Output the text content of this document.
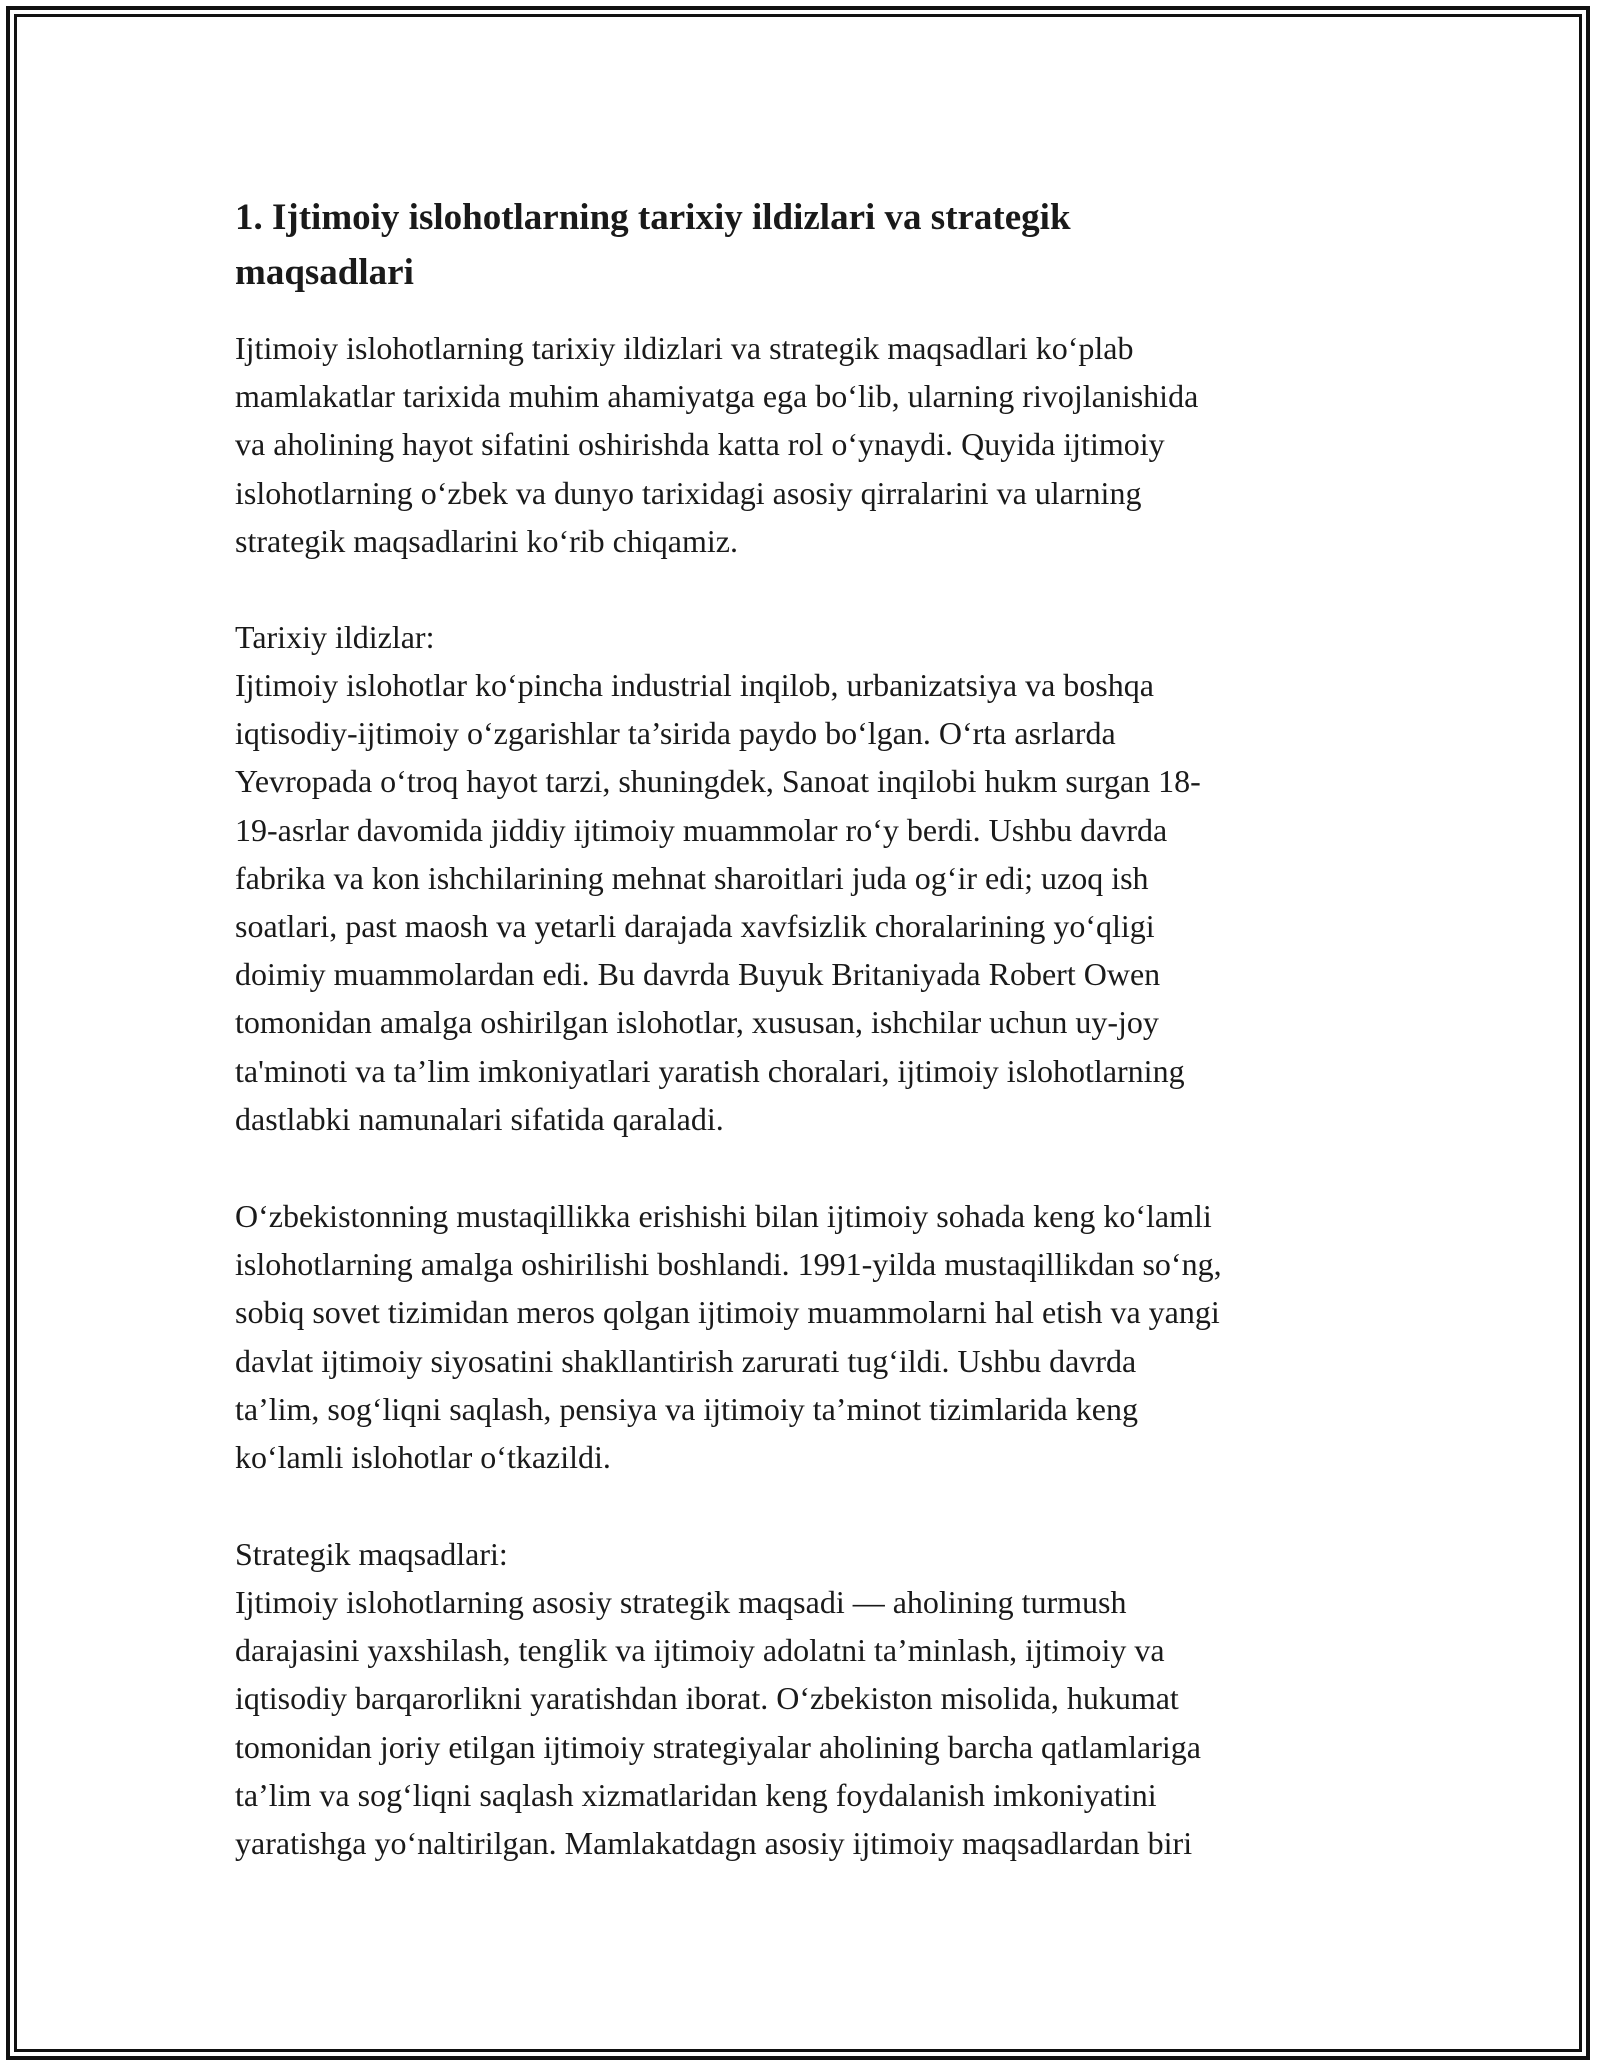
1. Ijtimoiy islohotlarning tarixiy ildizlari va strategik
maqsadlari

Ijtimoiy islohotlarning tarixiy ildizlari va strategik maqsadlari ko‘plab
mamlakatlar tarixida muhim ahamiyatga ega bo‘lib, ularning rivojlanishida
va aholining hayot sifatini oshirishda katta rol o‘ynaydi. Quyida ijtimoiy
islohotlarning o‘zbek va dunyo tarixidagi asosiy qirralarini va ularning
strategik maqsadlarini ko‘rib chiqamiz.

Tarixiy ildizlar:

Ijtimoiy islohotlar ko‘pincha industrial inqilob, urbanizatsiya va boshqa
iqtisodiy-ijtimoiy o‘zgarishlar ta’sirida paydo bo‘lgan. O‘rta asrlarda
Yevropada o‘troq hayot tarzi, shuningdek, Sanoat inqilobi hukm surgan 18-
19-asrlar davomida jiddiy ijtimoiy muammolar ro‘y berdi. Ushbu davrda
fabrika va kon ishchilarining mehnat sharoitlari juda og‘ir edi; uzoq ish
soatlari, past maosh va yetarli darajada xavfsizlik choralarining yo‘qligi
doimiy muammolardan edi. Bu davrda Buyuk Britaniyada Robert Owen
tomonidan amalga oshirilgan islohotlar, xususan, ishchilar uchun uy-joy
ta'minoti va ta’lim imkoniyatlari yaratish choralari, ijtimoiy islohotlarning
dastlabki namunalari sifatida qaraladi.

O‘zbekistonning mustaqillikka erishishi bilan ijtimoiy sohada keng ko‘lamli
islohotlarning amalga oshirilishi boshlandi. 1991-yilda mustaqillikdan so‘ng,
sobiq sovet tizimidan meros qolgan ijtimoiy muammolarni hal etish va yangi
davlat ijtimoiy siyosatini shakllantirish zarurati tug‘ildi. Ushbu davrda
ta’lim, sog‘liqni saqlash, pensiya va ijtimoiy ta’minot tizimlarida keng
ko‘lamli islohotlar o‘tkazildi.

Strategik maqsadlari:

Ijtimoiy islohotlarning asosiy strategik maqsadi — aholining turmush
darajasini yaxshilash, tenglik va ijtimoiy adolatni ta’minlash, ijtimoiy va
iqtisodiy barqarorlikni yaratishdan iborat. O‘zbekiston misolida, hukumat
tomonidan joriy etilgan ijtimoiy strategiyalar aholining barcha qatlamlariga
ta’lim va sog‘liqni saqlash xizmatlaridan keng foydalanish imkoniyatini
yaratishga yo‘naltirilgan. Mamlakatdagn asosiy ijtimoiy maqsadlardan biri
